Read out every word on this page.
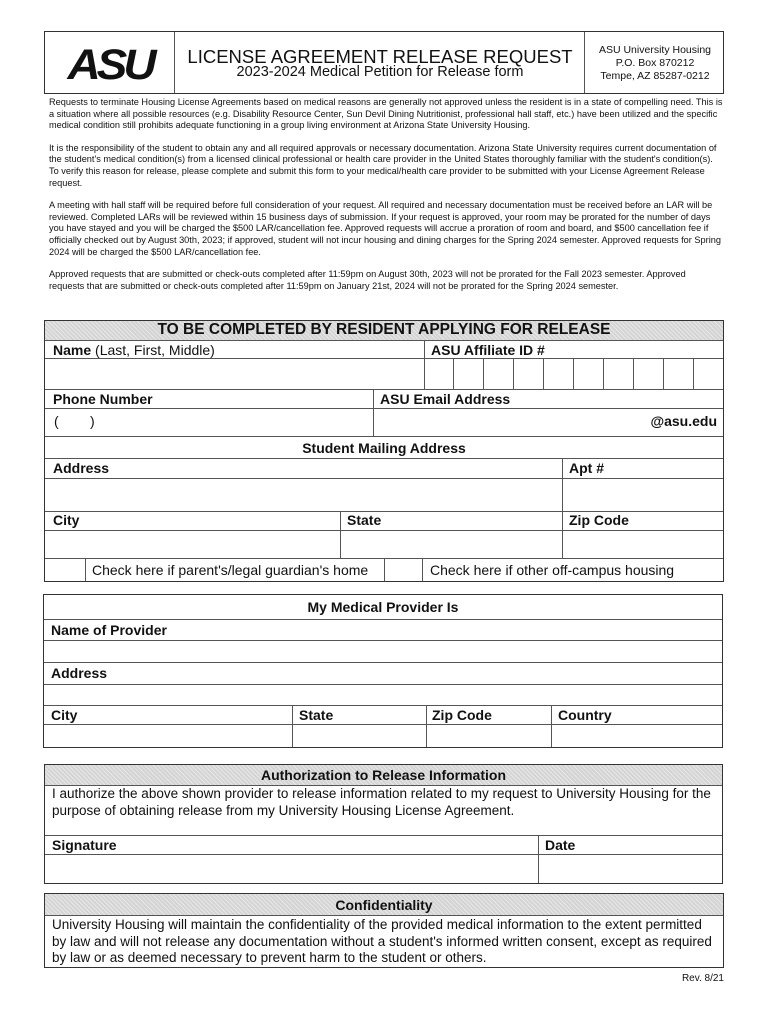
ASU	LICENSE AGREEMENT RELEASE REQUEST
2023-2024 Medical Petition for Release form
ASU University Housing
P.O. Box 870212
Tempe, AZ 85287-0212

Requests to terminate Housing License Agreements based on medical reasons are generally not approved unless the resident is in a state of compelling need. This is a situation where all possible resources (e.g. Disability Resource Center, Sun Devil Dining Nutritionist, professional hall staff, etc.) have been utilized and the specific medical condition still prohibits adequate functioning in a group living environment at Arizona State University Housing.

It is the responsibility of the student to obtain any and all required approvals or necessary documentation. Arizona State University requires current documentation of the student's medical condition(s) from a licensed clinical professional or health care provider in the United States thoroughly familiar with the student's condition(s). To verify this reason for release, please complete and submit this form to your medical/health care provider to be submitted with your License Agreement Release request.

A meeting with hall staff will be required before full consideration of your request. All required and necessary documentation must be received before an LAR will be reviewed. Completed LARs will be reviewed within 15 business days of submission. If your request is approved, your room may be prorated for the number of days you have stayed and you will be charged the $500 LAR/cancellation fee. Approved requests will accrue a proration of room and board, and $500 cancellation fee if officially checked out by August 30th, 2023; if approved, student will not incur housing and dining charges for the Spring 2024 semester. Approved requests for Spring 2024 will be charged the $500 LAR/cancellation fee.

Approved requests that are submitted or check-outs completed after 11:59pm on August 30th, 2023 will not be prorated for the Fall 2023 semester. Approved requests that are submitted or check-outs completed after 11:59pm on January 21st, 2024 will not be prorated for the Spring 2024 semester.

TO BE COMPLETED BY RESIDENT APPLYING FOR RELEASE
Name (Last, First, Middle)	ASU Affiliate ID #
Phone Number	ASU Email Address
( )	@asu.edu
Student Mailing Address
Address	Apt #
City	State	Zip Code
Check here if parent's/legal guardian's home	Check here if other off-campus housing
My Medical Provider Is
Name of Provider
Address
City	State	Zip Code	Country
Authorization to Release Information
I authorize the above shown provider to release information related to my request to University Housing for the purpose of obtaining release from my University Housing License Agreement.
Signature	Date
Confidentiality
University Housing will maintain the confidentiality of the provided medical information to the extent permitted by law and will not release any documentation without a student's informed written consent, except as required by law or as deemed necessary to prevent harm to the student or others.
Rev. 8/21
